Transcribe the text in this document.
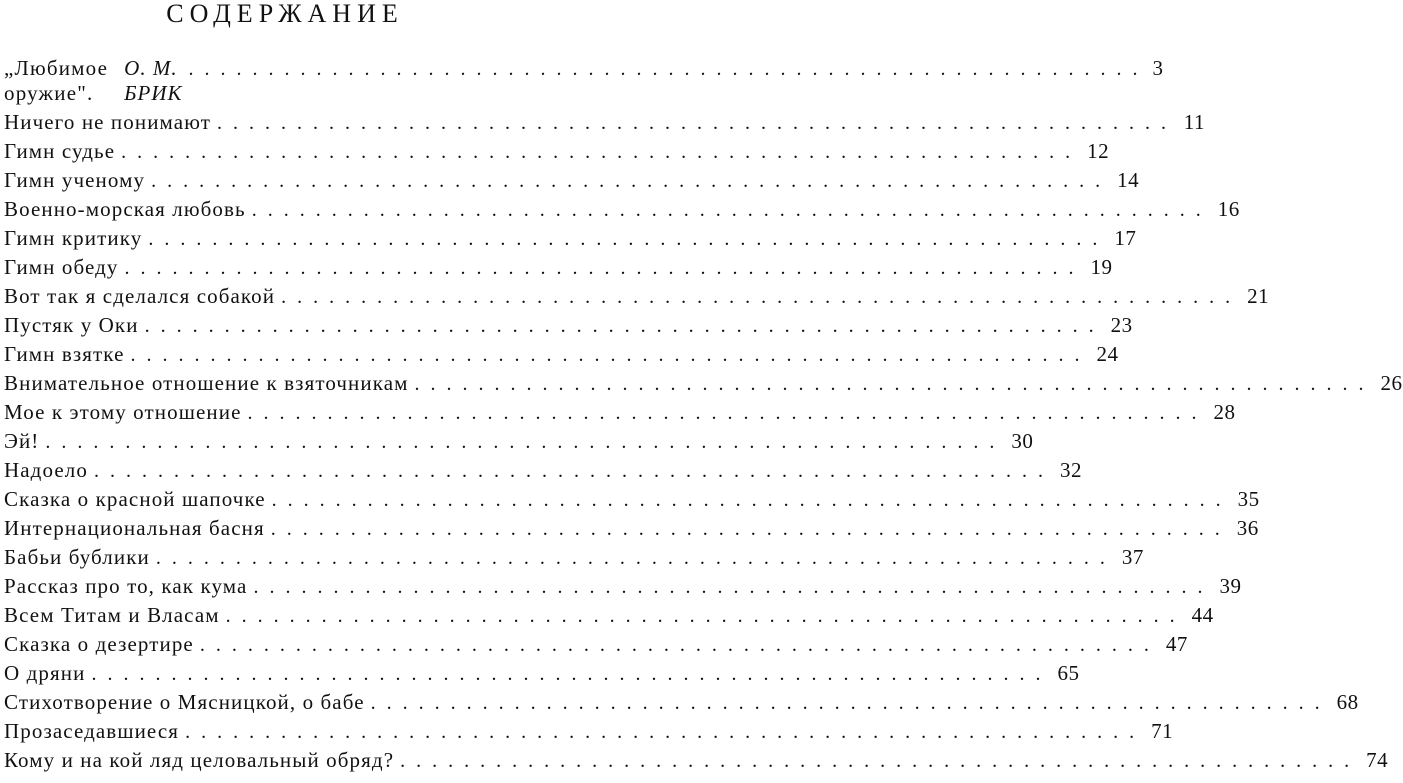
СОДЕРЖАНИЕ
„Любимое оружие".
О. М. БРИК
............................................................ 3
Ничего не понимают ............................................................ 11
Гимн судье ............................................................ 12
Гимн ученому ............................................................ 14
Военно-морская любовь ............................................................ 16
Гимн критику ............................................................ 17
Гимн обеду ............................................................ 19
Вот так я сделался собакой ............................................................ 21
Пустяк у Оки ............................................................ 23
Гимн взятке ............................................................ 24
Внимательное отношение к взяточникам ............................................................ 26
Мое к этому отношение ............................................................ 28
Эй! ............................................................ 30
Надоело ............................................................ 32
Сказка о красной шапочке ............................................................ 35
Интернациональная басня ............................................................ 36
Бабьи бублики ............................................................ 37
Рассказ про то, как кума ............................................................ 39
Всем Титам и Власам ............................................................ 44
Сказка о дезертире ............................................................ 47
О дряни ............................................................ 65
Стихотворение о Мясницкой, о бабе ............................................................ 68
Прозаседавшиеся ............................................................ 71
Кому и на кой ляд целовальный обряд? ............................................................ 74
